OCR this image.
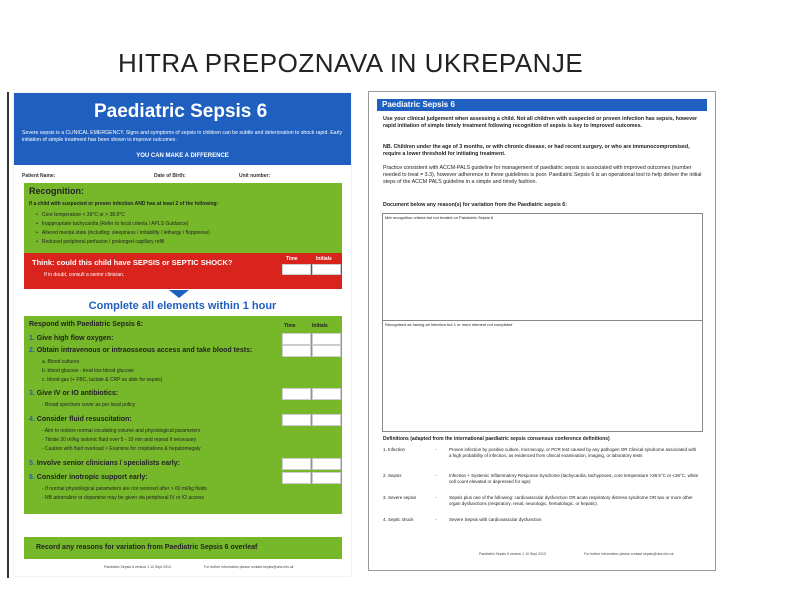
HITRA PREPOZNAVA IN UKREPANJE
Paediatric Sepsis 6
Severe sepsis is a CLINICAL EMERGENCY. Signs and symptoms of sepsis in children can be subtle and deterioration to shock rapid. Early initiation of simple treatment has been shown to improve outcomes.
YOU CAN MAKE A DIFFERENCE
Patient Name:	Date of Birth:	Unit number:
Recognition:
If a child with suspected or proven infection AND has at least 2 of the following:
•   Core temperature < 36°C or > 38.5°C
•   Inappropriate tachycardia (Refer to local criteria / APLS Guidance)
•   Altered mental state (including: sleepiness / irritability / lethargy / floppiness)
•   Reduced peripheral perfusion / prolonged capillary refill
Think: could this child have SEPSIS or SEPTIC SHOCK?
If in doubt, consult a senior clinician.
Time	Initials
Complete all elements within 1 hour
Respond with Paediatric Sepsis 6:	Time	Initials
1. Give high flow oxygen:
2. Obtain intravenous or intraosseous access and take blood tests:
a. Blood cultures
b. blood glucose - treat low blood glucose
c. blood gas (+ FBC, lactate & CRP as able for sepsis)
3. Give IV or IO antibiotics:
- Broad spectrum cover as per local policy
4. Consider fluid resuscitation:
- Aim to restore normal circulating volume and physiological parameters
- Titrate 20 ml/kg isotonic fluid over 5 - 10 min and repeat if necessary
- Caution with fluid overload > Examine for crepitations & hepatomegaly
5. Involve senior clinicians / specialists early:
6. Consider inotropic support early:
- If normal physiological parameters are not restored after > 60 ml/kg fluids
- NB adrenaline or dopamine may be given via peripheral IV or IO access
Record any reasons for variation from Paediatric Sepsis 6 overleaf
Paediatric Sepsis 6 version 1 10 Sept 2013	For further information please contact sepsis@uhs.nhs.uk
Paediatric Sepsis 6
Use your clinical judgement when assessing a child. Not all children with suspected or proven infection has sepsis, however rapid initiation of simple timely treatment following recognition of sepsis is key to improved outcomes.
NB. Children under the age of 3 months, or with chronic disease, or had recent surgery, or who are immunocompromised, require a lower threshold for initiating treatment.
Practice consistent with ACCM-PALS guideline for management of paediatric sepsis is associated with improved outcomes (number needed to treat = 3.3), however adherence to these guidelines is poor. Paediatric Sepsis 6 is an operational tool to help deliver the initial steps of the ACCM PALS guideline in a simple and timely fashion.
Document below any reason(s) for variation from the Paediatric sepsis 6:
Met recognition criteria but not treated on Paediatric Sepsis 6
Recognised as having an infection but 1 or more element not completed
Definitions (adapted from the international paediatric sepsis consensus conference definitions)
1. Infection	-	Proven infection by positive culture, microscopy, or PCR test caused by any pathogen OR Clinical syndrome associated with a high probability of infection, as evidenced from clinical examination, imaging, or laboratory tests
2. Sepsis	-	Infection + Systemic Inflammatory Response Syndrome (tachycardia, tachypnoea, core temperature >38.5°C or <36°C, white cell count elevated or depressed for age)
3. Severe sepsis	-	Sepsis plus one of the following: cardiovascular dysfunction OR acute respiratory distress syndrome OR two or more other organ dysfunctions (respiratory, renal, neurologic, hematologic, or hepatic).
4. Septic shock	-	Severe Sepsis with cardiovascular dysfunction
Paediatric Sepsis 6 version 1 10 Sept 2013	For further information please contact sepsis@uhs.nhs.uk
